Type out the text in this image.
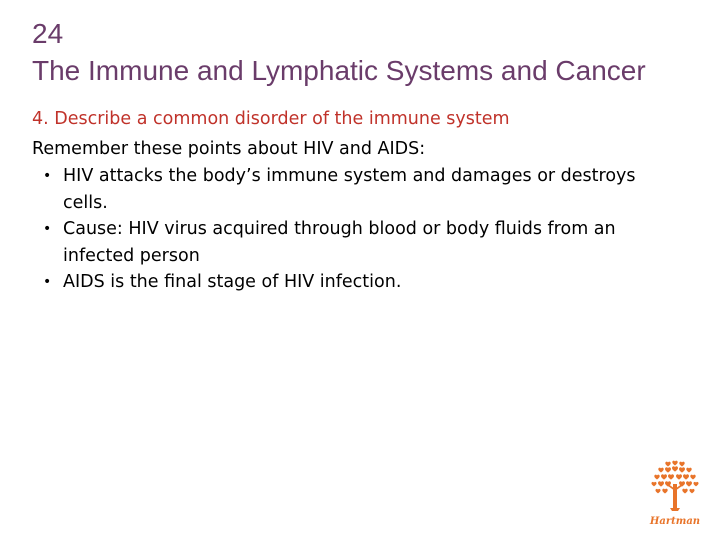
24
The Immune and Lymphatic Systems and Cancer
4. Describe a common disorder of the immune system
Remember these points about HIV and AIDS:
• HIV attacks the body’s immune system and damages or destroys cells.
• Cause: HIV virus acquired through blood or body fluids from an infected person
• AIDS is the final stage of HIV infection.
Hartman
